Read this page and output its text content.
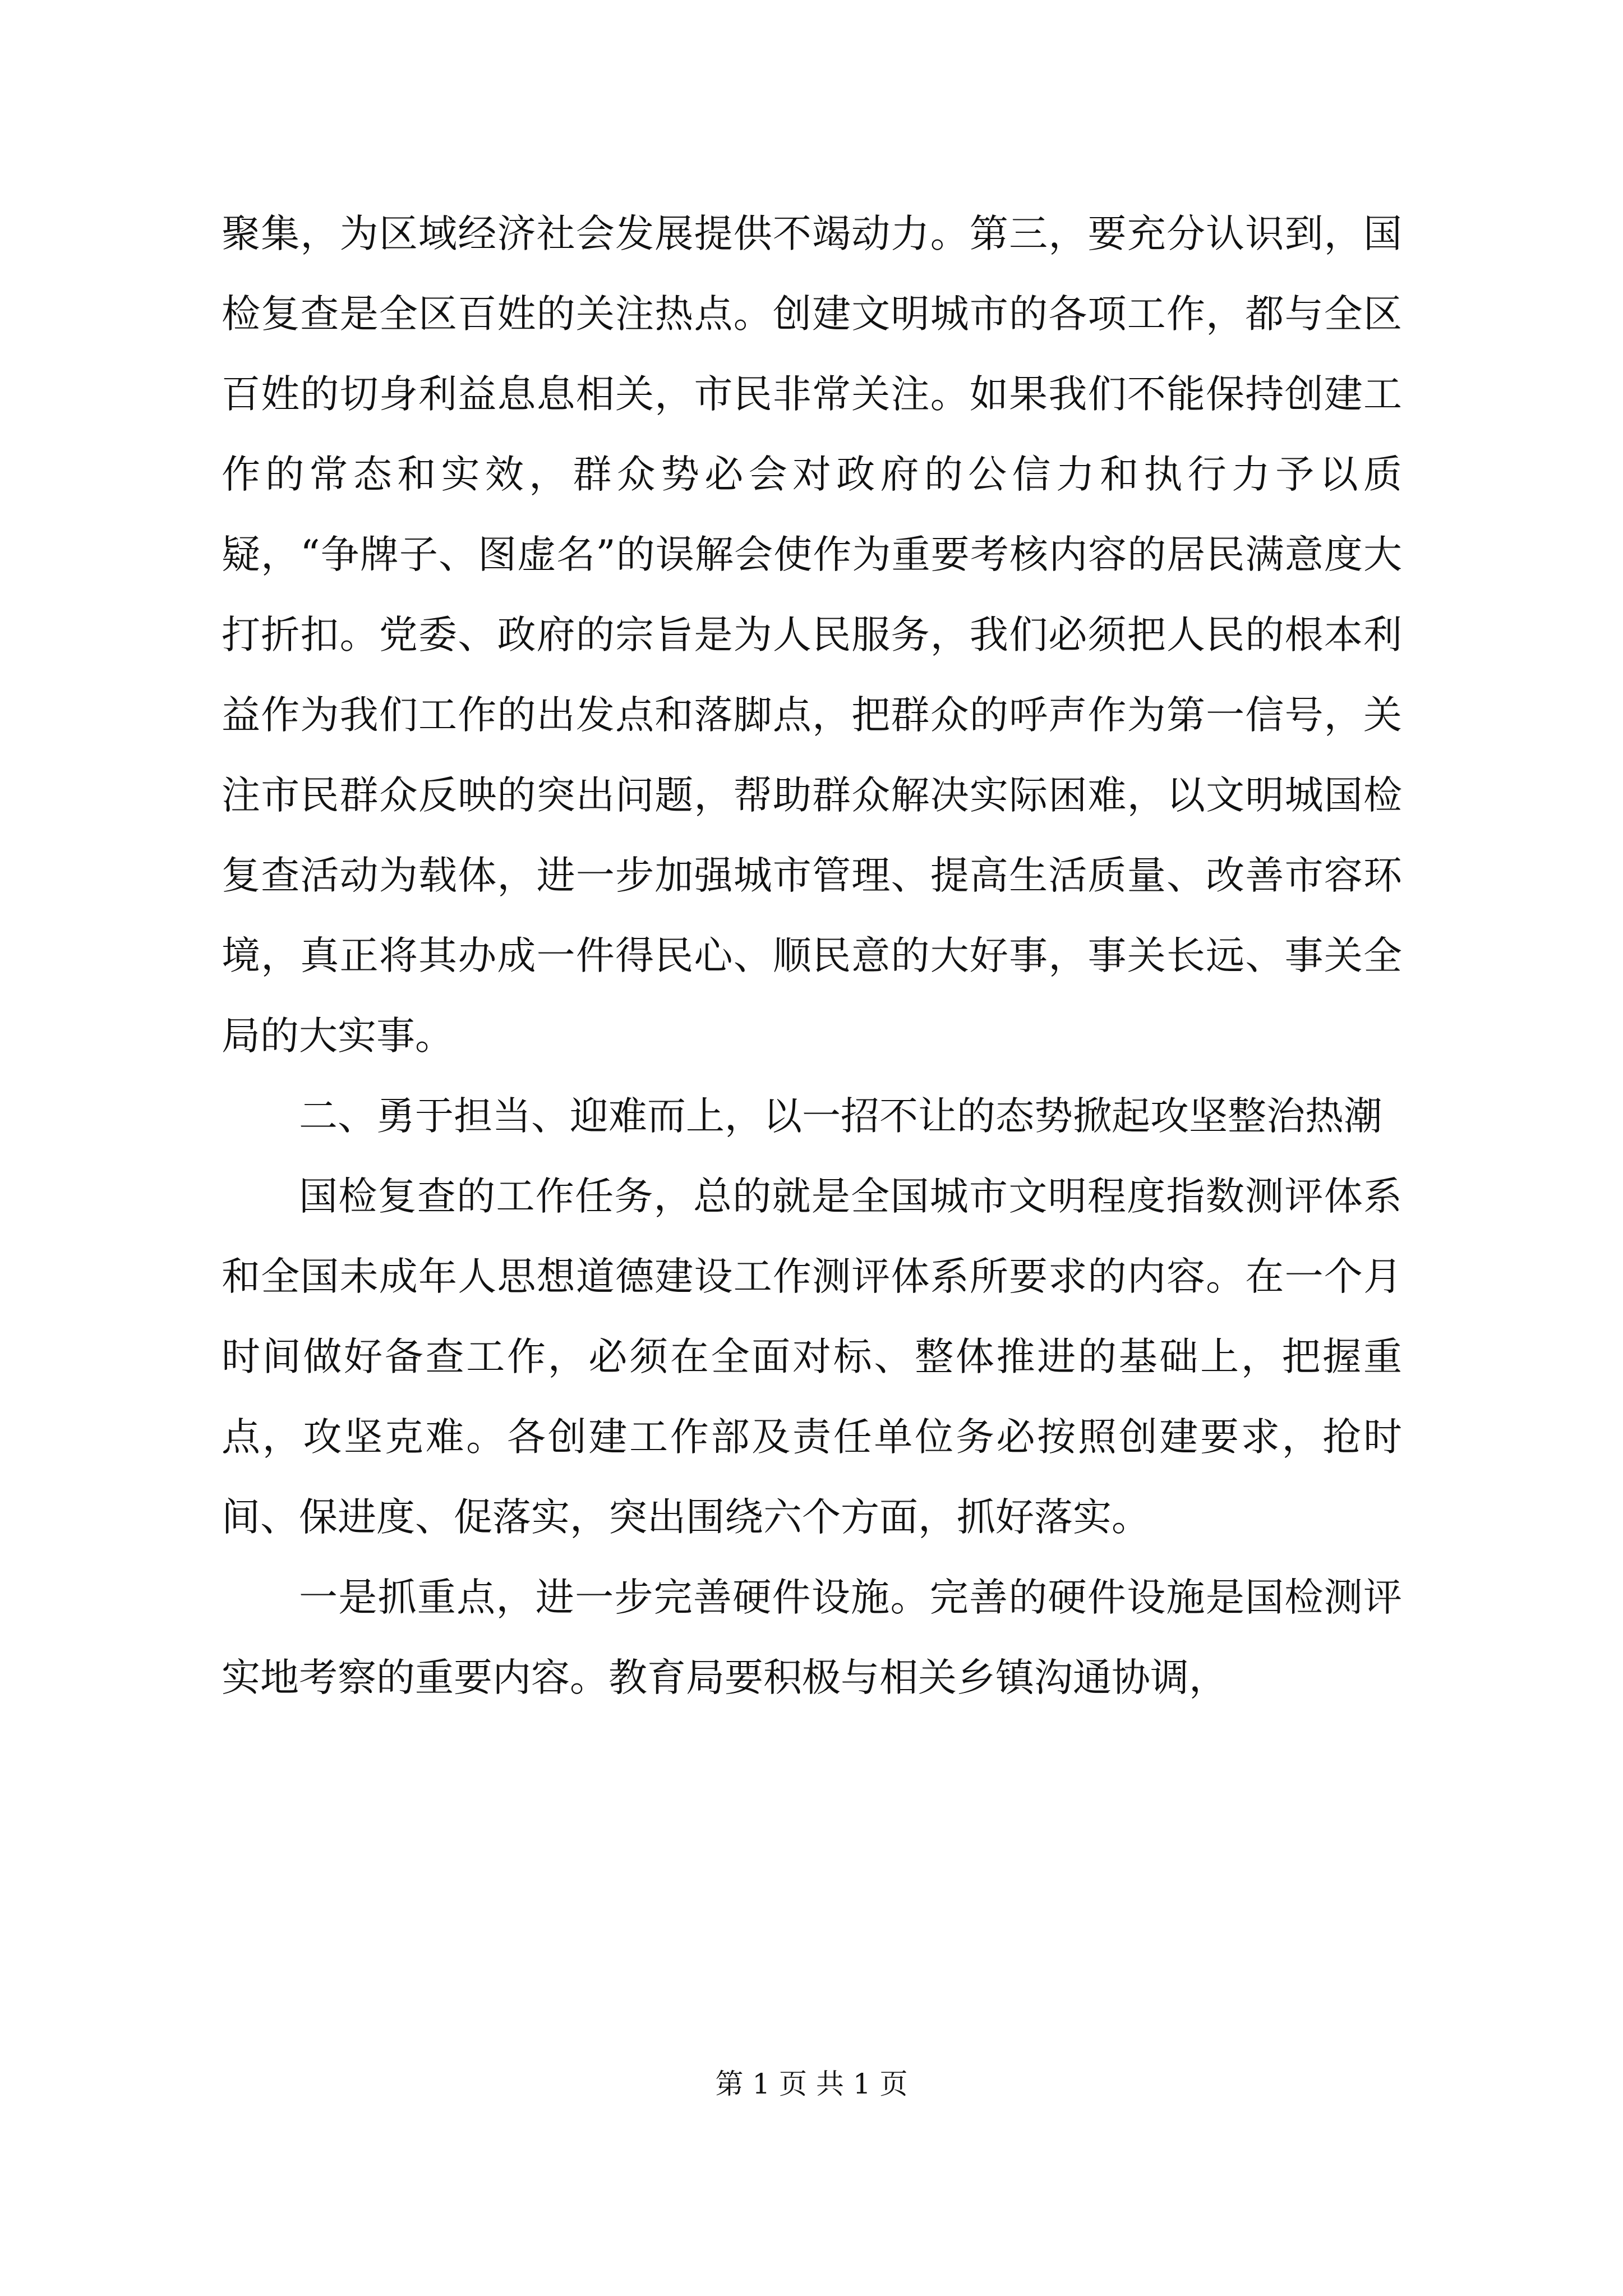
聚集，为区域经济社会发展提供不竭动力。第三，要充分认识到，国检复查是全区百姓的关注热点。创建文明城市的各项工作，都与全区百姓的切身利益息息相关，市民非常关注。如果我们不能保持创建工作的常态和实效，群众势必会对政府的公信力和执行力予以质疑，“争牌子、图虚名”的误解会使作为重要考核内容的居民满意度大打折扣。党委、政府的宗旨是为人民服务，我们必须把人民的根本利益作为我们工作的出发点和落脚点，把群众的呼声作为第一信号，关注市民群众反映的突出问题，帮助群众解决实际困难，以文明城国检复查活动为载体，进一步加强城市管理、提高生活质量、改善市容环境，真正将其办成一件得民心、顺民意的大好事，事关长远、事关全局的大实事。

二、勇于担当、迎难而上，以一招不让的态势掀起攻坚整治热潮

国检复查的工作任务，总的就是全国城市文明程度指数测评体系和全国未成年人思想道德建设工作测评体系所要求的内容。在一个月时间做好备查工作，必须在全面对标、整体推进的基础上，把握重点，攻坚克难。各创建工作部及责任单位务必按照创建要求，抢时间、保进度、促落实，突出围绕六个方面，抓好落实。

一是抓重点，进一步完善硬件设施。完善的硬件设施是国检测评实地考察的重要内容。教育局要积极与相关乡镇沟通协调，

第 1 页 共 1 页
